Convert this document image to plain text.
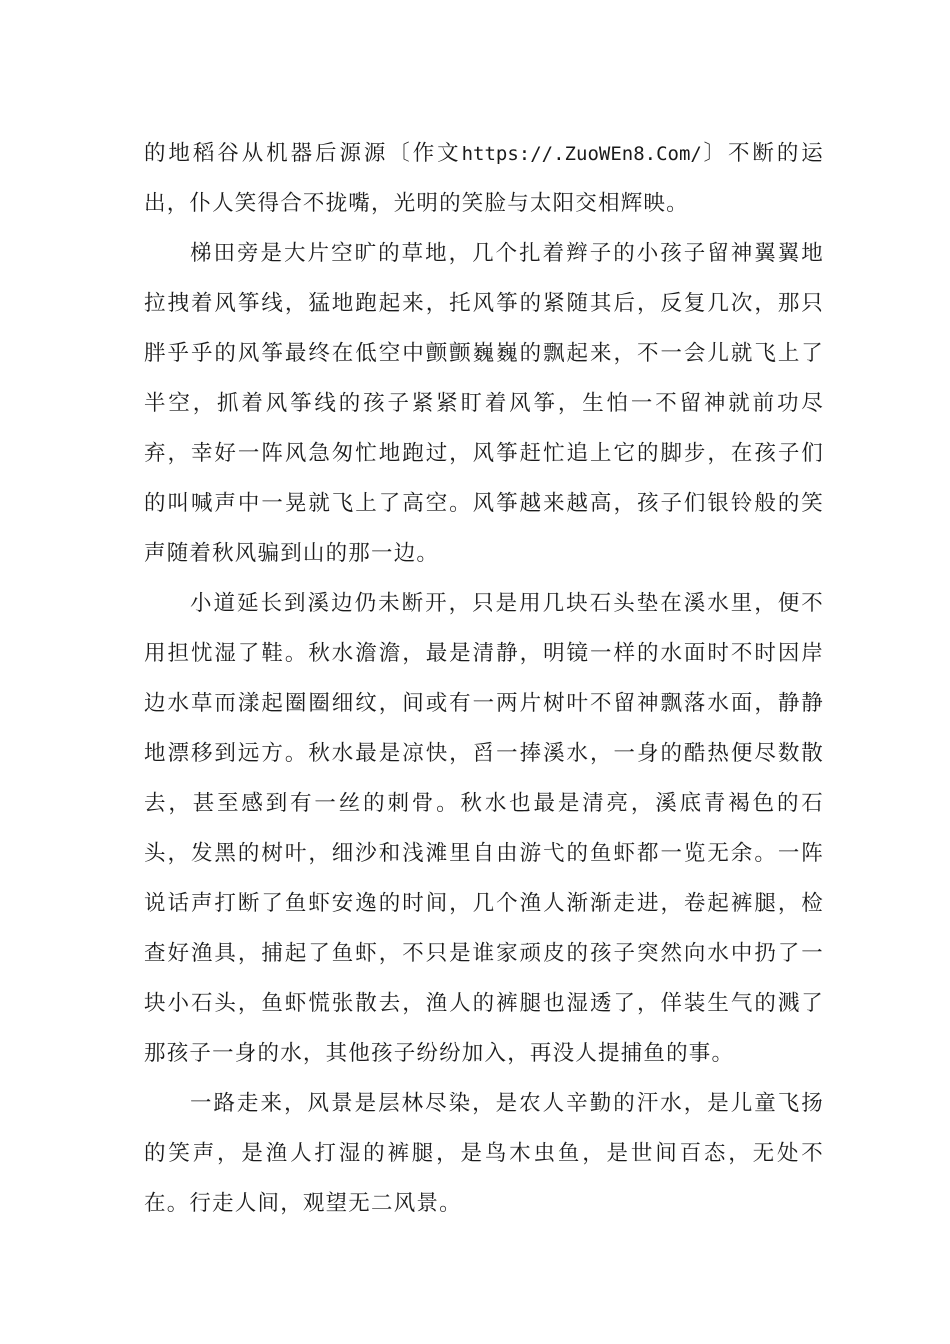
的地稻谷从机器后源源〔作文https://.ZuoWEn8.Com/〕不断的运出，仆人笑得合不拢嘴，光明的笑脸与太阳交相辉映。

梯田旁是大片空旷的草地，几个扎着辫子的小孩子留神翼翼地拉拽着风筝线，猛地跑起来，托风筝的紧随其后，反复几次，那只胖乎乎的风筝最终在低空中颤颤巍巍的飘起来，不一会儿就飞上了半空，抓着风筝线的孩子紧紧盯着风筝，生怕一不留神就前功尽弃，幸好一阵风急匆忙地跑过，风筝赶忙追上它的脚步，在孩子们的叫喊声中一晃就飞上了高空。风筝越来越高，孩子们银铃般的笑声随着秋风骗到山的那一边。

小道延长到溪边仍未断开，只是用几块石头垫在溪水里，便不用担忧湿了鞋。秋水澹澹，最是清静，明镜一样的水面时不时因岸边水草而漾起圈圈细纹，间或有一两片树叶不留神飘落水面，静静地漂移到远方。秋水最是凉快，舀一捧溪水，一身的酷热便尽数散去，甚至感到有一丝的刺骨。秋水也最是清亮，溪底青褐色的石头，发黑的树叶，细沙和浅滩里自由游弋的鱼虾都一览无余。一阵说话声打断了鱼虾安逸的时间，几个渔人渐渐走进，卷起裤腿，检查好渔具，捕起了鱼虾，不只是谁家顽皮的孩子突然向水中扔了一块小石头，鱼虾慌张散去，渔人的裤腿也湿透了，佯装生气的溅了那孩子一身的水，其他孩子纷纷加入，再没人提捕鱼的事。

一路走来，风景是层林尽染，是农人辛勤的汗水，是儿童飞扬的笑声，是渔人打湿的裤腿，是鸟木虫鱼，是世间百态，无处不在。行走人间，观望无二风景。
